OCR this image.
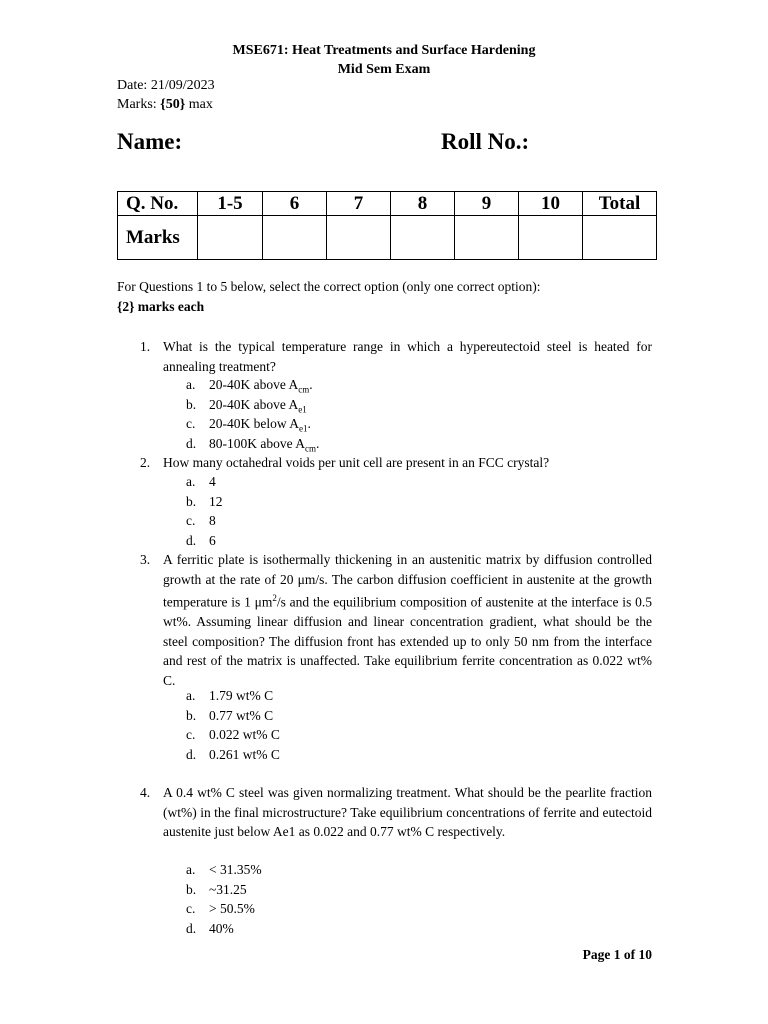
MSE671: Heat Treatments and Surface Hardening
Mid Sem Exam
Date: 21/09/2023
Marks: {50} max
Name:	Roll No.:
Q. No.	1-5	6	7	8	9	10	Total
Marks							
For Questions 1 to 5 below, select the correct option (only one correct option):
{2} marks each
1. What is the typical temperature range in which a hypereutectoid steel is heated for annealing treatment?
a. 20-40K above $A_{cm}$.
b. 20-40K above $A_{e1}$
c. 20-40K below $A_{e1}$.
d. 80-100K above $A_{cm}$.
2. How many octahedral voids per unit cell are present in an FCC crystal?
a. 4
b. 12
c. 8
d. 6
3. A ferritic plate is isothermally thickening in an austenitic matrix by diffusion controlled growth at the rate of 20 μm/s. The carbon diffusion coefficient in austenite at the growth temperature is 1 $\mu m^2/s$ and the equilibrium composition of austenite at the interface is 0.5 wt%. Assuming linear diffusion and linear concentration gradient, what should be the steel composition? The diffusion front has extended up to only 50 nm from the interface and rest of the matrix is unaffected. Take equilibrium ferrite concentration as 0.022 wt% C.
a. 1.79 wt% C
b. 0.77 wt% C
c. 0.022 wt% C
d. 0.261 wt% C
4. A 0.4 wt% C steel was given normalizing treatment. What should be the pearlite fraction (wt%) in the final microstructure? Take equilibrium concentrations of ferrite and eutectoid austenite just below Ae1 as 0.022 and 0.77 wt% C respectively.
a. < 31.35%
b. ~31.25
c. > 50.5%
d. 40%
Page 1 of 10
